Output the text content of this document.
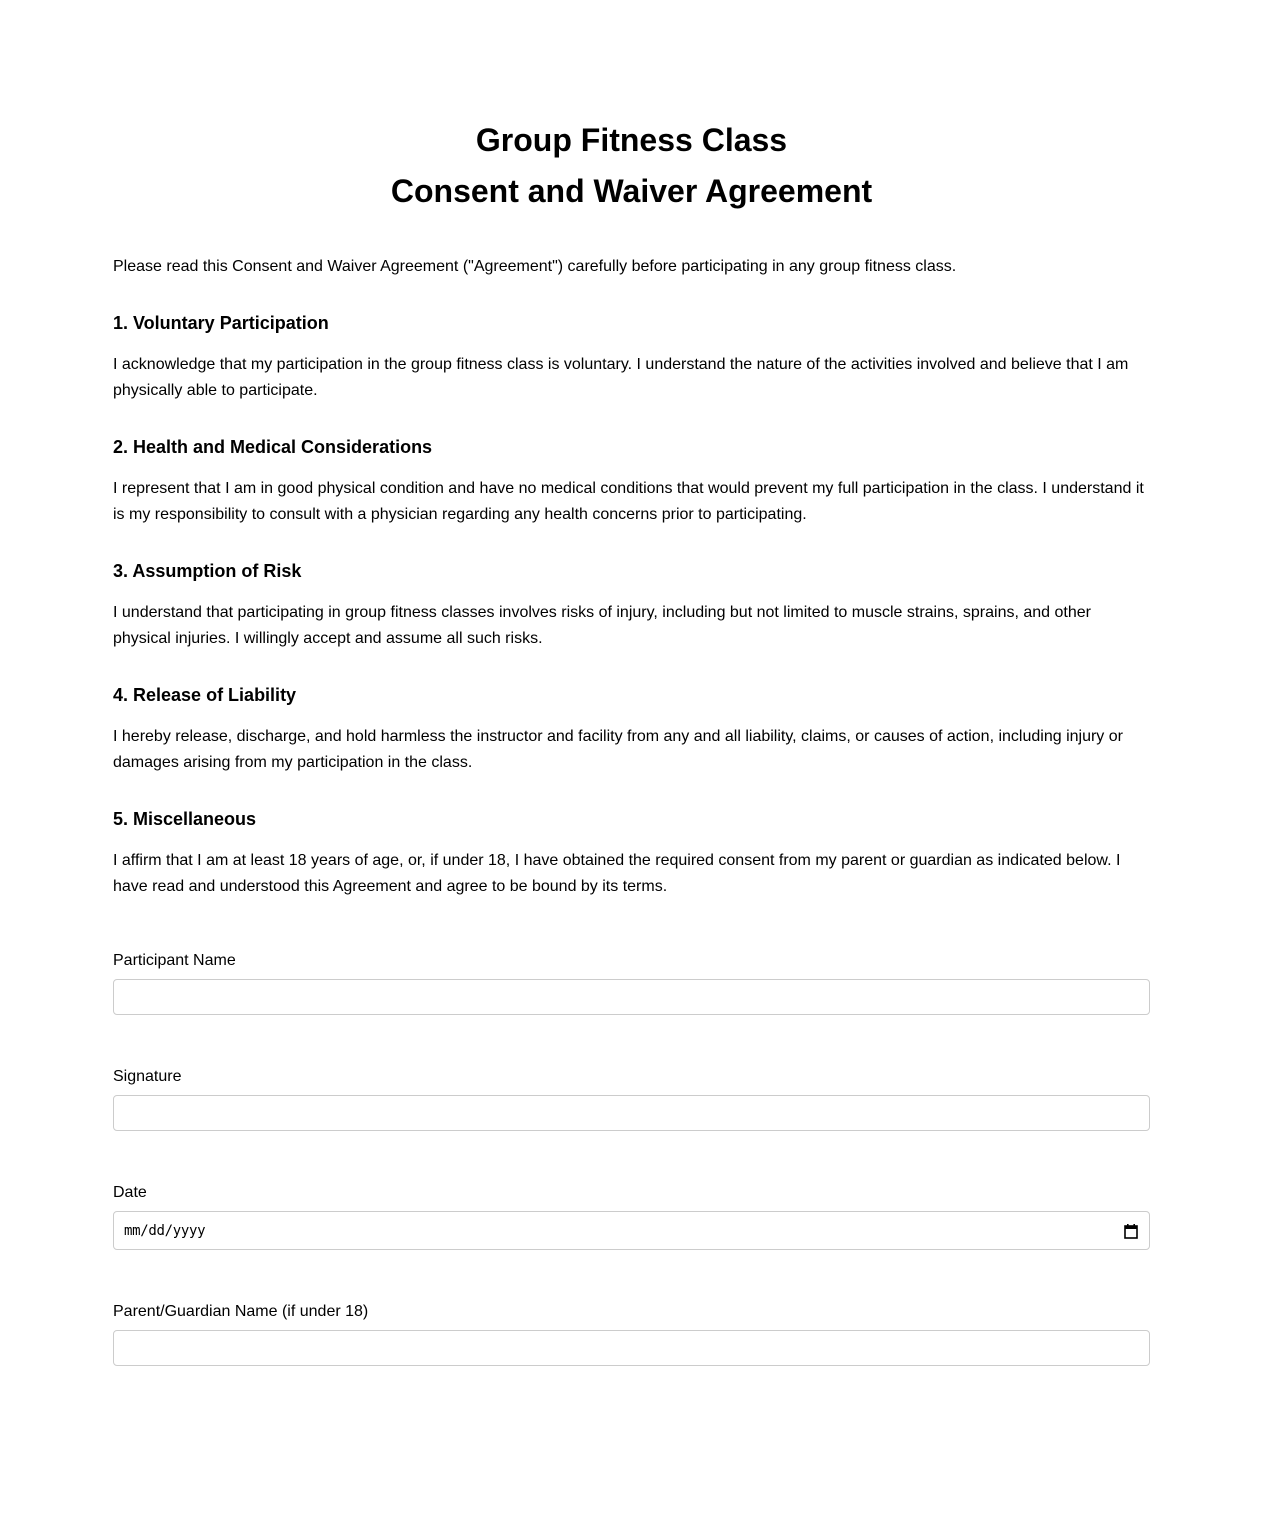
Group Fitness Class
Consent and Waiver Agreement

Please read this Consent and Waiver Agreement ("Agreement") carefully before participating in any group fitness class.

1. Voluntary Participation

I acknowledge that my participation in the group fitness class is voluntary. I understand the nature of the activities involved and believe that I am physically able to participate.

2. Health and Medical Considerations

I represent that I am in good physical condition and have no medical conditions that would prevent my full participation in the class. I understand it is my responsibility to consult with a physician regarding any health concerns prior to participating.

3. Assumption of Risk

I understand that participating in group fitness classes involves risks of injury, including but not limited to muscle strains, sprains, and other physical injuries. I willingly accept and assume all such risks.

4. Release of Liability

I hereby release, discharge, and hold harmless the instructor and facility from any and all liability, claims, or causes of action, including injury or damages arising from my participation in the class.

5. Miscellaneous

I affirm that I am at least 18 years of age, or, if under 18, I have obtained the required consent from my parent or guardian as indicated below. I have read and understood this Agreement and agree to be bound by its terms.

Participant Name
Signature
Date
mm/dd/yyyy
Parent/Guardian Name (if under 18)
